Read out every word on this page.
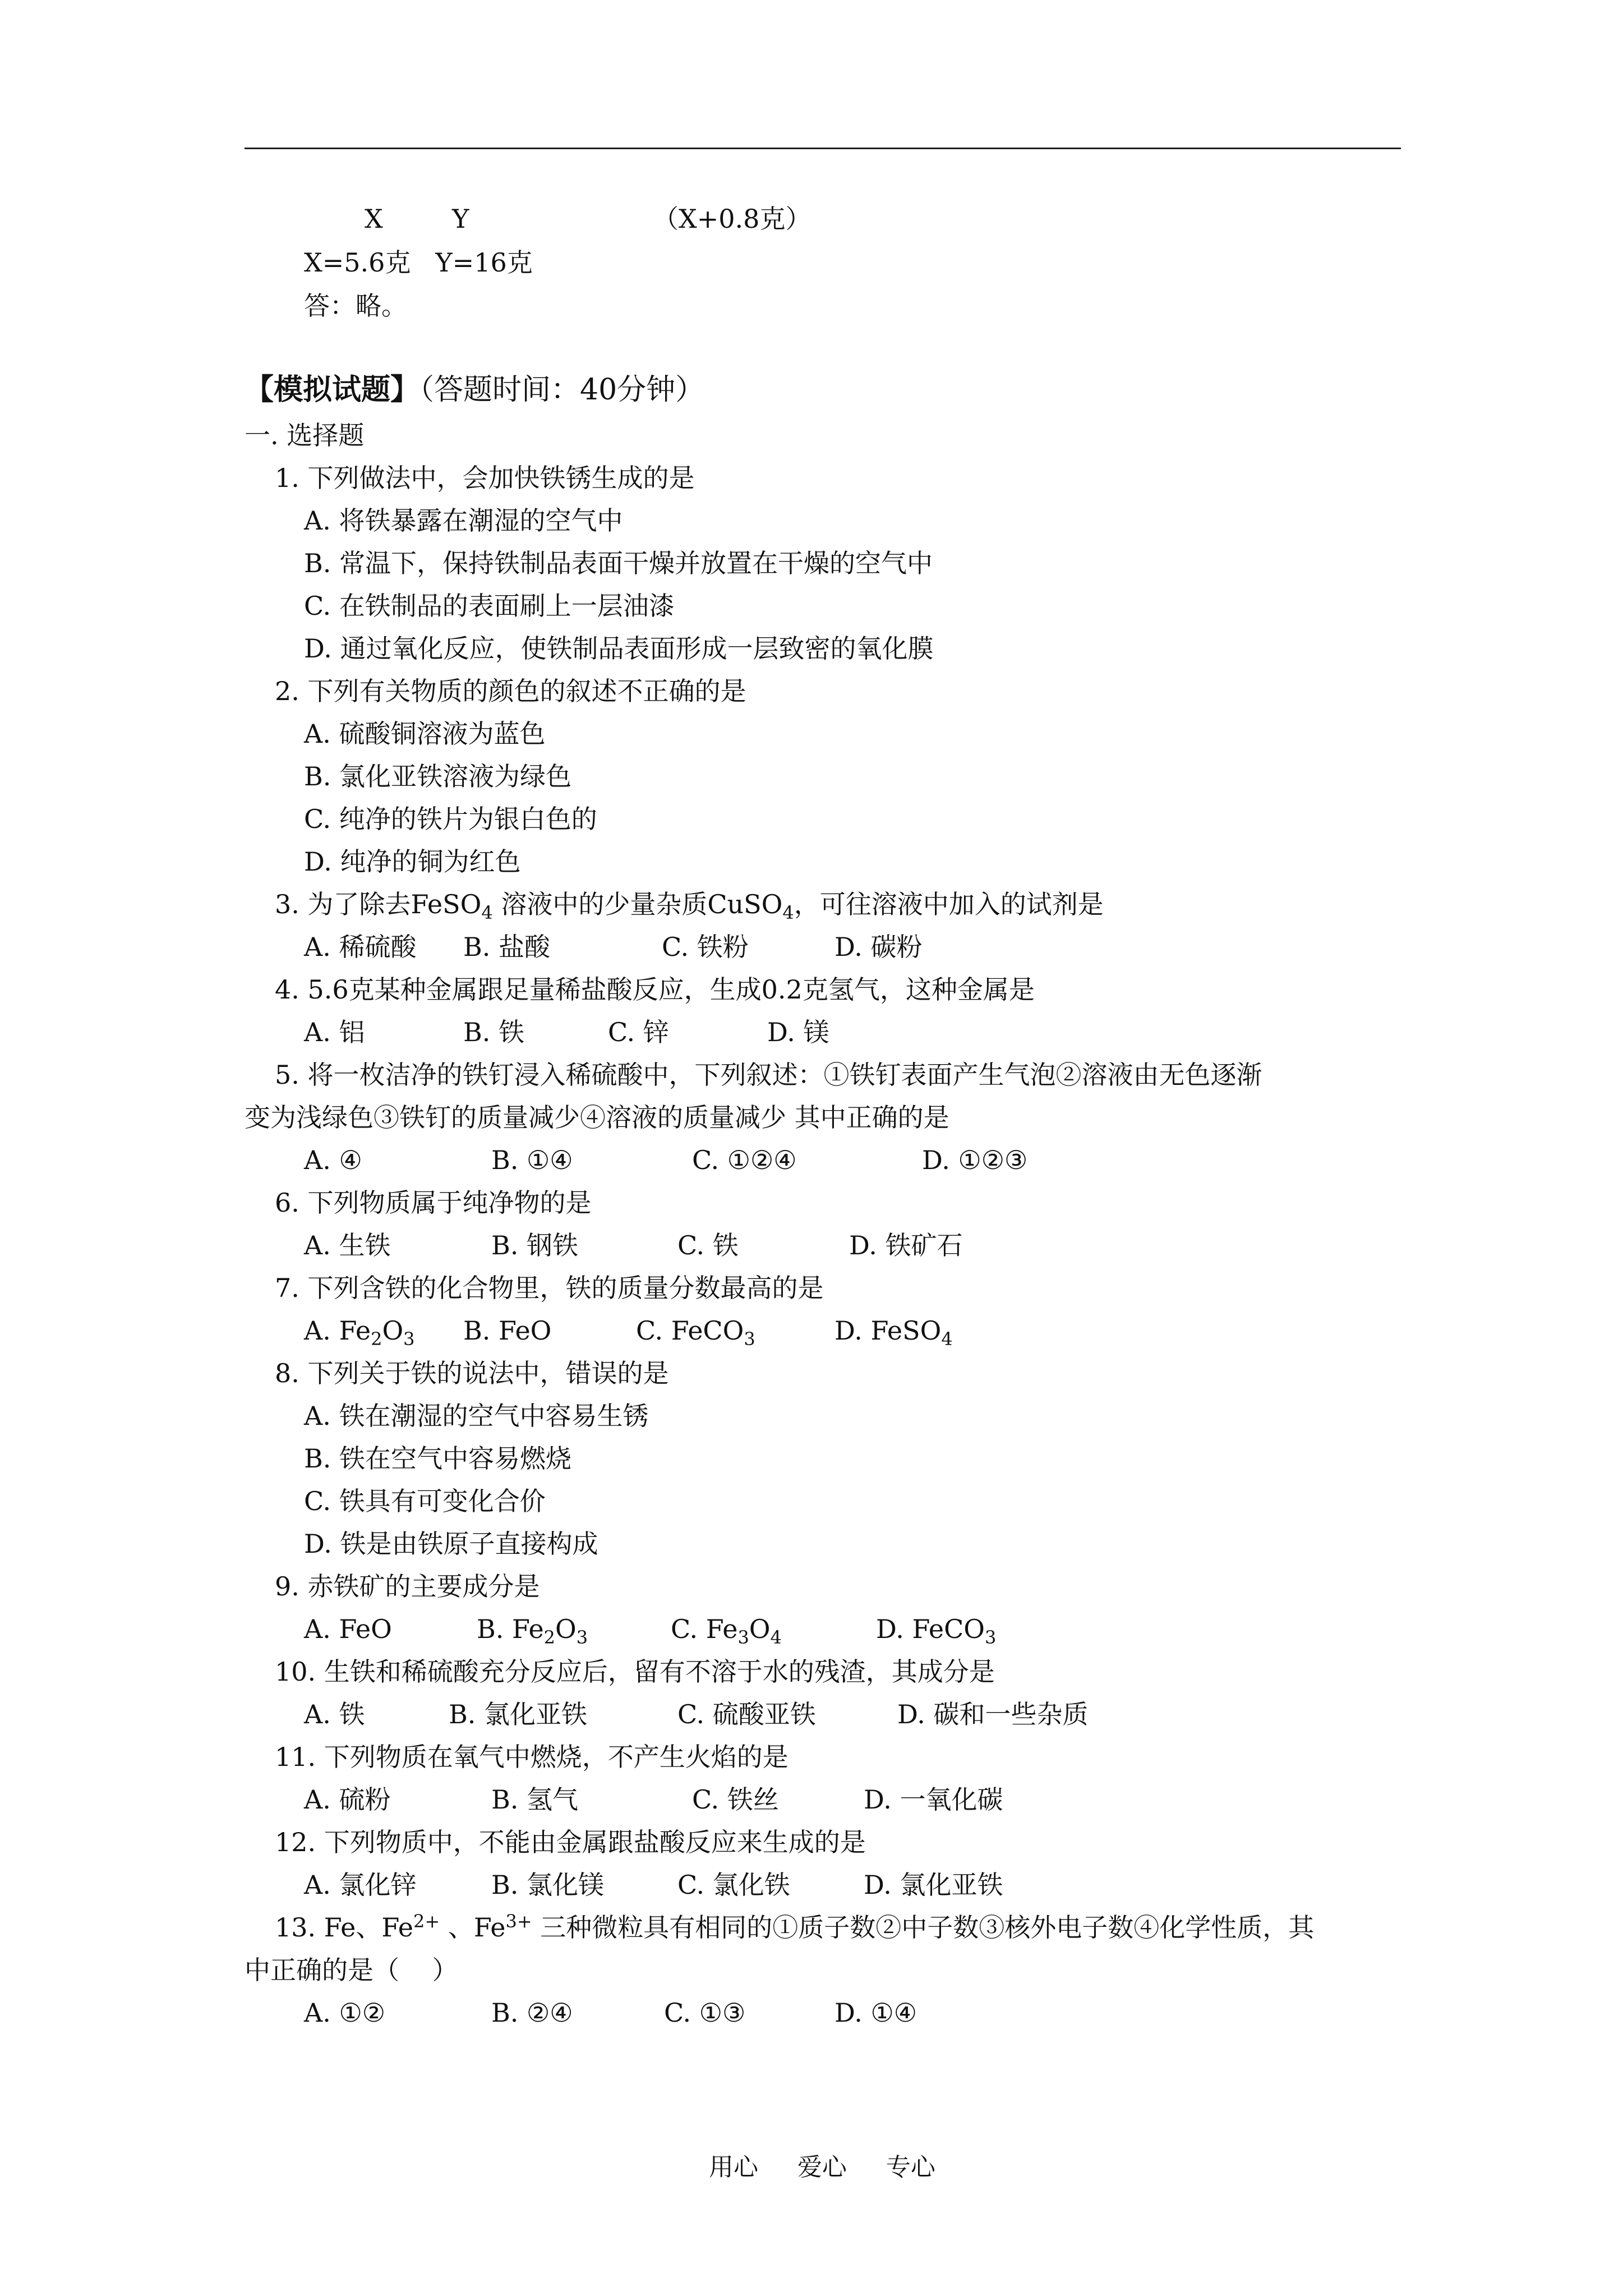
X	Y	（X+0.8克）
X=5.6克   Y=16克
答：略。
【模拟试题】（答题时间：40分钟）
一. 选择题
1. 下列做法中，会加快铁锈生成的是
A. 将铁暴露在潮湿的空气中
B. 常温下，保持铁制品表面干燥并放置在干燥的空气中
C. 在铁制品的表面刷上一层油漆
D. 通过氧化反应，使铁制品表面形成一层致密的氧化膜
2. 下列有关物质的颜色的叙述不正确的是
A. 硫酸铜溶液为蓝色
B. 氯化亚铁溶液为绿色
C. 纯净的铁片为银白色的
D. 纯净的铜为红色
3. 为了除去FeSO$_4$ 溶液中的少量杂质CuSO$_4$，可往溶液中加入的试剂是
A. 稀硫酸 B. 盐酸	C. 铁粉	D. 碳粉
4. 5.6克某种金属跟足量稀盐酸反应，生成0.2克氢气，这种金属是
A. 铝	B. 铁	C. 锌	D. 镁
5. 将一枚洁净的铁钉浸入稀硫酸中，下列叙述：①铁钉表面产生气泡②溶液由无色逐渐
变为浅绿色③铁钉的质量减少④溶液的质量减少 其中正确的是
A. ④	B. ①④	C. ①②④	D. ①②③
6. 下列物质属于纯净物的是
A. 生铁	B. 钢铁	C. 铁	D. 铁矿石
7. 下列含铁的化合物里，铁的质量分数最高的是
A. $Fe_2O_3$ B. FeO	C. FeCO$_3$	D. FeSO$_4$
8. 下列关于铁的说法中，错误的是
A. 铁在潮湿的空气中容易生锈
B. 铁在空气中容易燃烧
C. 铁具有可变化合价
D. 铁是由铁原子直接构成
9. 赤铁矿的主要成分是
A. FeO	B. $Fe_2O_3$	C. $Fe_3O_4$	D. FeCO$_3$
10. 生铁和稀硫酸充分反应后，留有不溶于水的残渣，其成分是
A. 铁	B. 氯化亚铁	C. 硫酸亚铁	D. 碳和一些杂质
11. 下列物质在氧气中燃烧，不产生火焰的是
A. 硫粉	B. 氢气	C. 铁丝	D. 一氧化碳
12. 下列物质中，不能由金属跟盐酸反应来生成的是
A. 氯化锌	B. 氯化镁	C. 氯化铁	D. 氯化亚铁
13. Fe、$Fe^{2+}$ 、$Fe^{3+}$ 三种微粒具有相同的①质子数②中子数③核外电子数④化学性质，其
中正确的是（    ）
A. ①②	B. ②④	C. ①③	D. ①④
用心 爱心 专心
